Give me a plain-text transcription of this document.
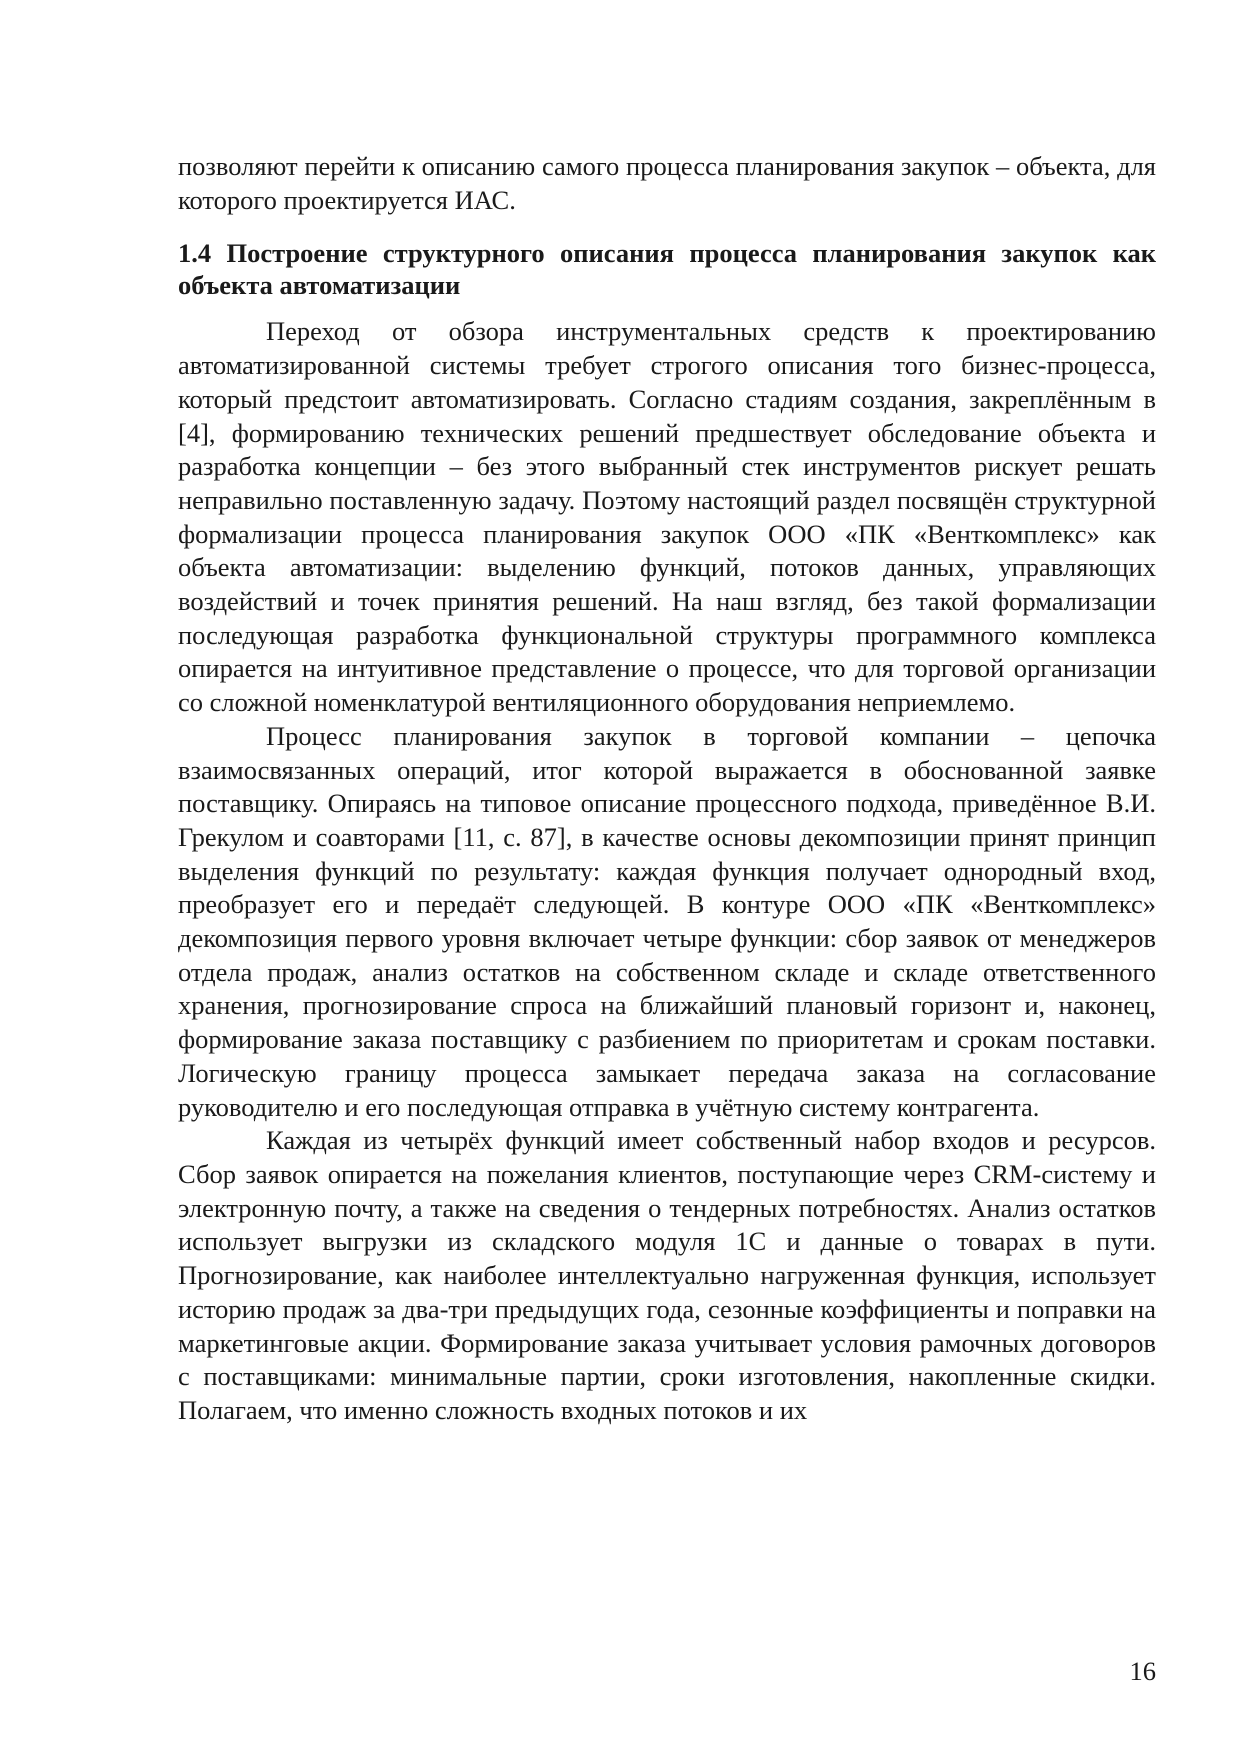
позволяют перейти к описанию самого процесса планирования закупок – объекта, для которого проектируется ИАС.

1.4 Построение структурного описания процесса планирования закупок как объекта автоматизации

Переход от обзора инструментальных средств к проектированию автоматизированной системы требует строгого описания того бизнес-процесса, который предстоит автоматизировать. Согласно стадиям создания, закреплённым в [4], формированию технических решений предшествует обследование объекта и разработка концепции – без этого выбранный стек инструментов рискует решать неправильно поставленную задачу. Поэтому настоящий раздел посвящён структурной формализации процесса планирования закупок ООО «ПК «Венткомплекс» как объекта автоматизации: выделению функций, потоков данных, управляющих воздействий и точек принятия решений. На наш взгляд, без такой формализации последующая разработка функциональной структуры программного комплекса опирается на интуитивное представление о процессе, что для торговой организации со сложной номенклатурой вентиляционного оборудования неприемлемо.

Процесс планирования закупок в торговой компании – цепочка взаимосвязанных операций, итог которой выражается в обоснованной заявке поставщику. Опираясь на типовое описание процессного подхода, приведённое В.И. Грекулом и соавторами [11, с. 87], в качестве основы декомпозиции принят принцип выделения функций по результату: каждая функция получает однородный вход, преобразует его и передаёт следующей. В контуре ООО «ПК «Венткомплекс» декомпозиция первого уровня включает четыре функции: сбор заявок от менеджеров отдела продаж, анализ остатков на собственном складе и складе ответственного хранения, прогнозирование спроса на ближайший плановый горизонт и, наконец, формирование заказа поставщику с разбиением по приоритетам и срокам поставки. Логическую границу процесса замыкает передача заказа на согласование руководителю и его последующая отправка в учётную систему контрагента.

Каждая из четырёх функций имеет собственный набор входов и ресурсов. Сбор заявок опирается на пожелания клиентов, поступающие через CRM-систему и электронную почту, а также на сведения о тендерных потребностях. Анализ остатков использует выгрузки из складского модуля 1С и данные о товарах в пути. Прогнозирование, как наиболее интеллектуально нагруженная функция, использует историю продаж за два-три предыдущих года, сезонные коэффициенты и поправки на маркетинговые акции. Формирование заказа учитывает условия рамочных договоров с поставщиками: минимальные партии, сроки изготовления, накопленные скидки. Полагаем, что именно сложность входных потоков и их

16
